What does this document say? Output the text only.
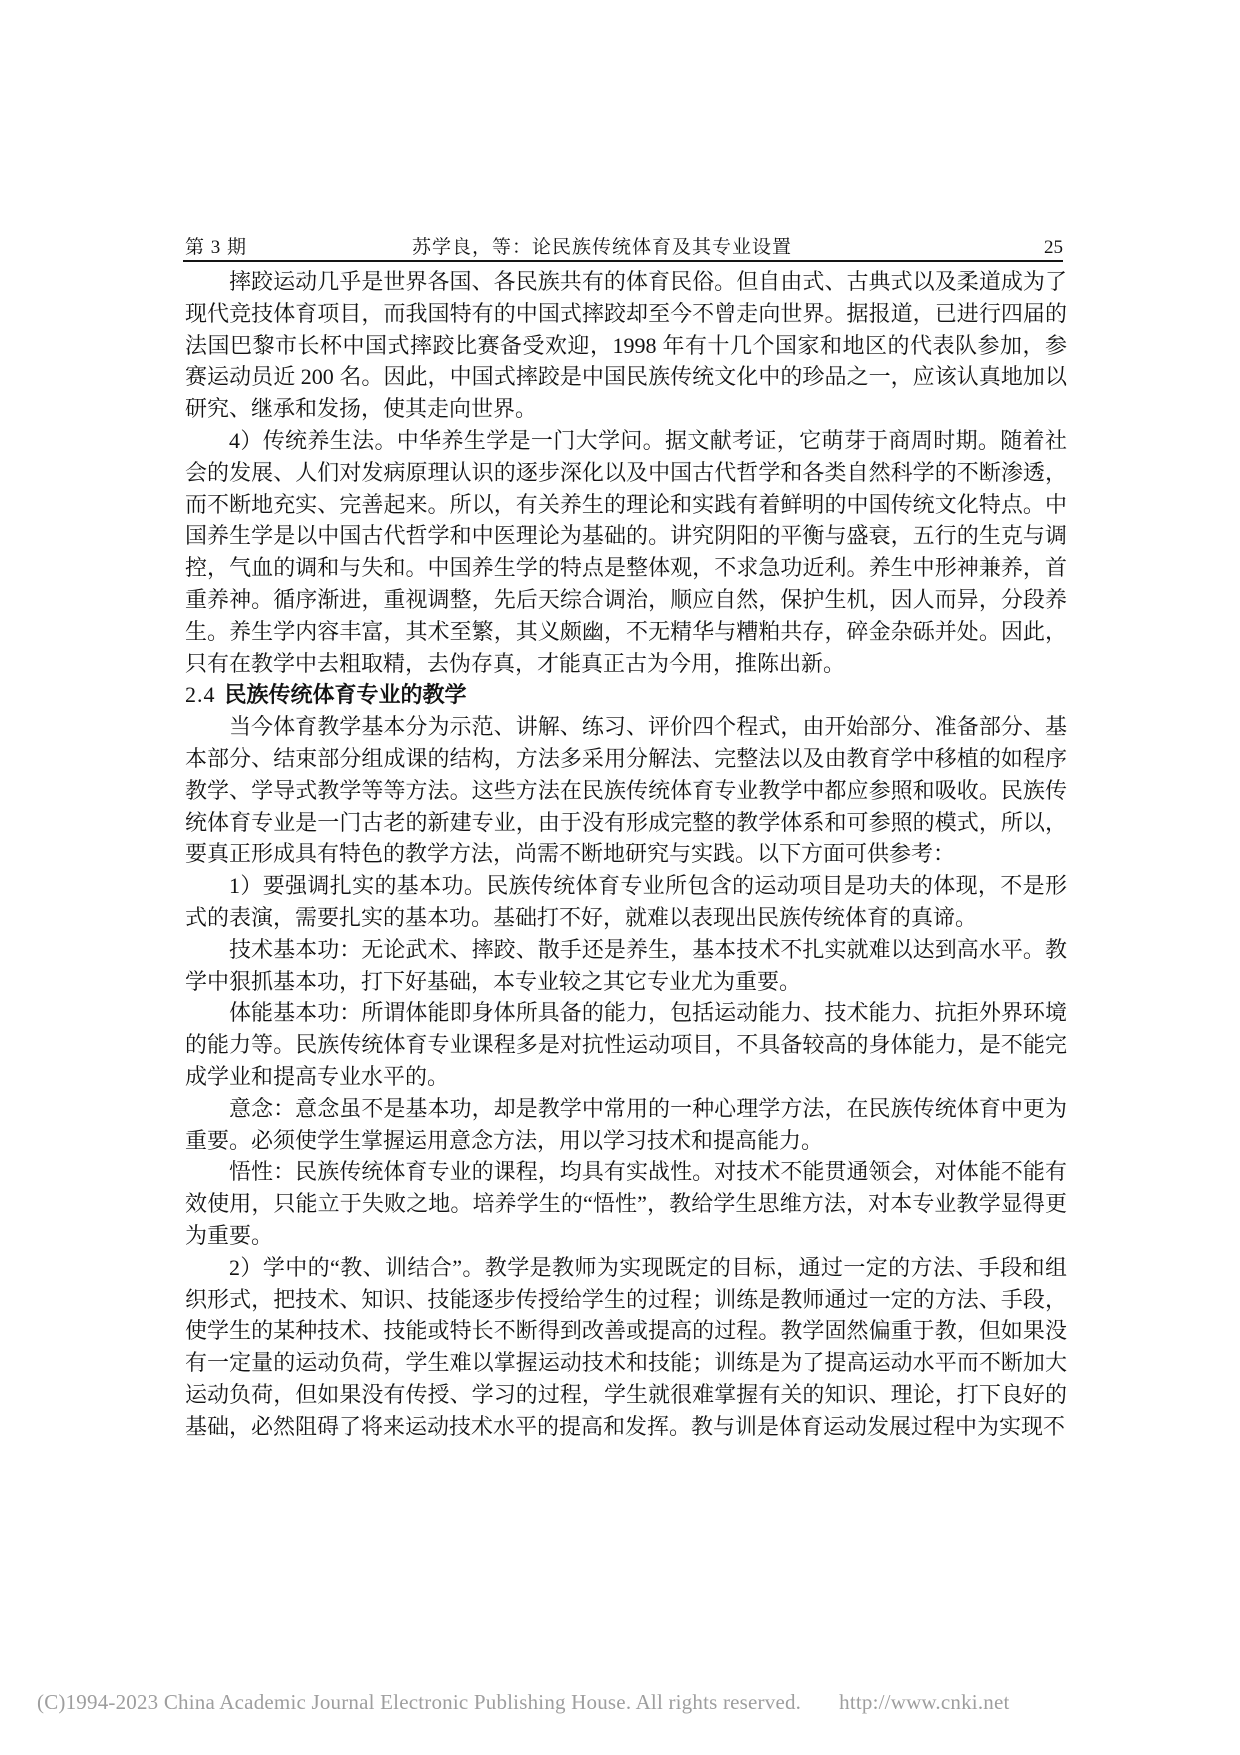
第 3 期	苏学良，等：论民族传统体育及其专业设置	25

摔跤运动几乎是世界各国、各民族共有的体育民俗。但自由式、古典式以及柔道成为了现代竞技体育项目，而我国特有的中国式摔跤却至今不曾走向世界。据报道，已进行四届的法国巴黎市长杯中国式摔跤比赛备受欢迎，1998 年有十几个国家和地区的代表队参加，参赛运动员近 200 名。因此，中国式摔跤是中国民族传统文化中的珍品之一，应该认真地加以研究、继承和发扬，使其走向世界。

4）传统养生法。中华养生学是一门大学问。据文献考证，它萌芽于商周时期。随着社会的发展、人们对发病原理认识的逐步深化以及中国古代哲学和各类自然科学的不断渗透，而不断地充实、完善起来。所以，有关养生的理论和实践有着鲜明的中国传统文化特点。中国养生学是以中国古代哲学和中医理论为基础的。讲究阴阳的平衡与盛衰，五行的生克与调控，气血的调和与失和。中国养生学的特点是整体观，不求急功近利。养生中形神兼养，首重养神。循序渐进，重视调整，先后天综合调治，顺应自然，保护生机，因人而异，分段养生。养生学内容丰富，其术至繁，其义颇幽，不无精华与糟粕共存，碎金杂砾并处。因此，只有在教学中去粗取精，去伪存真，才能真正古为今用，推陈出新。

2.4 民族传统体育专业的教学

当今体育教学基本分为示范、讲解、练习、评价四个程式，由开始部分、准备部分、基本部分、结束部分组成课的结构，方法多采用分解法、完整法以及由教育学中移植的如程序教学、学导式教学等等方法。这些方法在民族传统体育专业教学中都应参照和吸收。民族传统体育专业是一门古老的新建专业，由于没有形成完整的教学体系和可参照的模式，所以，要真正形成具有特色的教学方法，尚需不断地研究与实践。以下方面可供参考：

1）要强调扎实的基本功。民族传统体育专业所包含的运动项目是功夫的体现，不是形式的表演，需要扎实的基本功。基础打不好，就难以表现出民族传统体育的真谛。

技术基本功：无论武术、摔跤、散手还是养生，基本技术不扎实就难以达到高水平。教学中狠抓基本功，打下好基础，本专业较之其它专业尤为重要。

体能基本功：所谓体能即身体所具备的能力，包括运动能力、技术能力、抗拒外界环境的能力等。民族传统体育专业课程多是对抗性运动项目，不具备较高的身体能力，是不能完成学业和提高专业水平的。

意念：意念虽不是基本功，却是教学中常用的一种心理学方法，在民族传统体育中更为重要。必须使学生掌握运用意念方法，用以学习技术和提高能力。

悟性：民族传统体育专业的课程，均具有实战性。对技术不能贯通领会，对体能不能有效使用，只能立于失败之地。培养学生的“悟性”，教给学生思维方法，对本专业教学显得更为重要。

2）学中的“教、训结合”。教学是教师为实现既定的目标，通过一定的方法、手段和组织形式，把技术、知识、技能逐步传授给学生的过程；训练是教师通过一定的方法、手段，使学生的某种技术、技能或特长不断得到改善或提高的过程。教学固然偏重于教，但如果没有一定量的运动负荷，学生难以掌握运动技术和技能；训练是为了提高运动水平而不断加大运动负荷，但如果没有传授、学习的过程，学生就很难掌握有关的知识、理论，打下良好的基础，必然阻碍了将来运动技术水平的提高和发挥。教与训是体育运动发展过程中为实现不

(C)1994-2023 China Academic Journal Electronic Publishing House. All rights reserved. http://www.cnki.net
